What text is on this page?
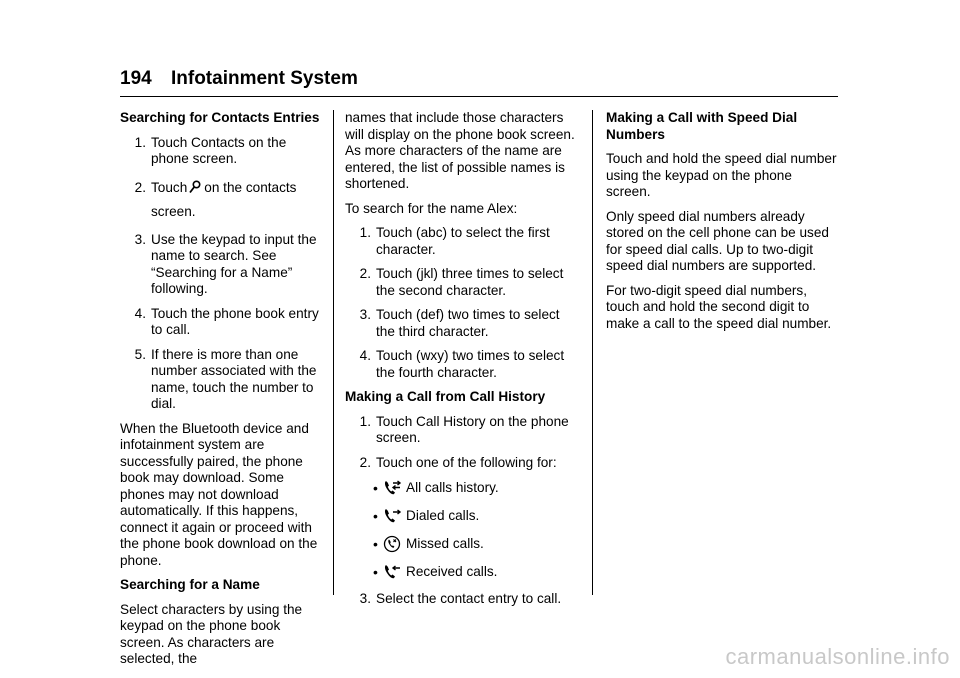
194 Infotainment System
Searching for Contacts Entries
1. Touch Contacts on the phone screen.
2. Touch on the contacts screen.
3. Use the keypad to input the name to search. See “Searching for a Name” following.
4. Touch the phone book entry to call.
5. If there is more than one number associated with the name, touch the number to dial.
When the Bluetooth device and infotainment system are successfully paired, the phone book may download. Some phones may not download automatically. If this happens, connect it again or proceed with the phone book download on the phone.
Searching for a Name
Select characters by using the keypad on the phone book screen. As characters are selected, the
names that include those characters will display on the phone book screen. As more characters of the name are entered, the list of possible names is shortened.
To search for the name Alex:
1. Touch (abc) to select the first character.
2. Touch (jkl) three times to select the second character.
3. Touch (def) two times to select the third character.
4. Touch (wxy) two times to select the fourth character.
Making a Call from Call History
1. Touch Call History on the phone screen.
2. Touch one of the following for:
•	All calls history.
•	Dialed calls.
•	Missed calls.
•	Received calls.
3. Select the contact entry to call.
Making a Call with Speed Dial Numbers
Touch and hold the speed dial number using the keypad on the phone screen.
Only speed dial numbers already stored on the cell phone can be used for speed dial calls. Up to two-digit speed dial numbers are supported.
For two-digit speed dial numbers, touch and hold the second digit to make a call to the speed dial number.
carmanualsonline.info
